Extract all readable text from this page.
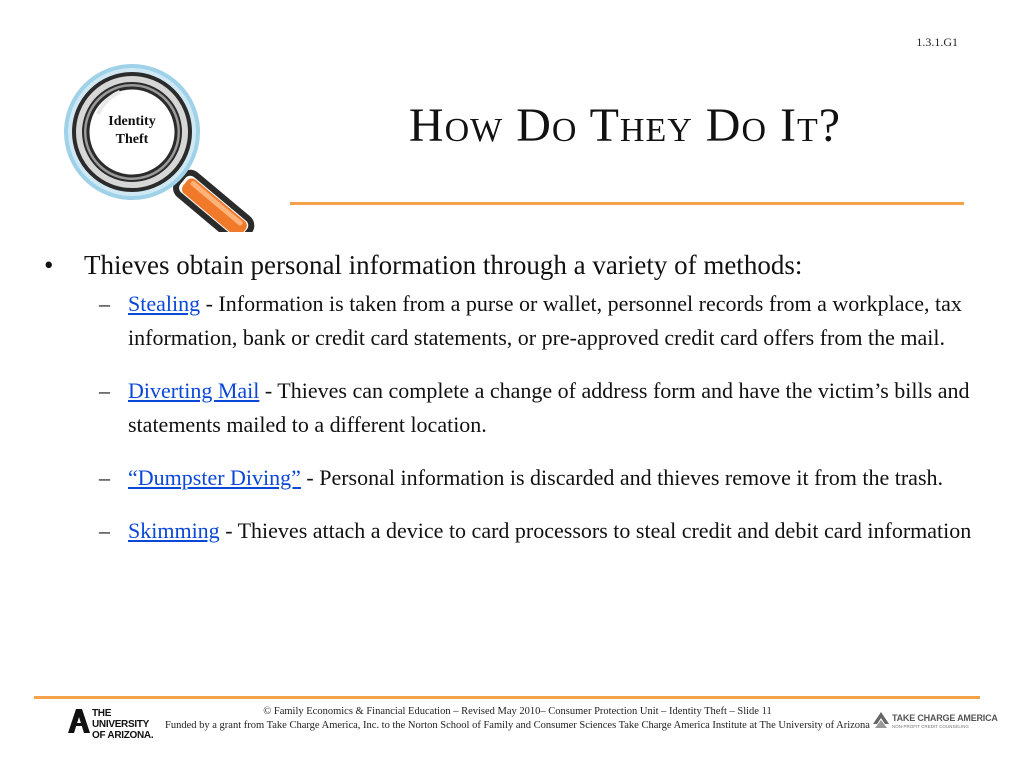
1.3.1.G1
Identity
Theft	How Do They Do It?

• Thieves obtain personal information through a variety of methods:

– Stealing - Information is taken from a purse or wallet, personnel records from a workplace, tax information, bank or credit card statements, or pre-approved credit card offers from the mail.
– Diverting Mail - Thieves can complete a change of address form and have the victim’s bills and statements mailed to a different location.
– “Dumpster Diving” - Personal information is discarded and thieves remove it from the trash.
– Skimming - Thieves attach a device to card processors to steal credit and debit card information
THE UNIVERSITY
OF ARIZONA.
© Family Economics & Financial Education – Revised May 2010– Consumer Protection Unit – Identity Theft – Slide 11
Funded by a grant from Take Charge America, Inc. to the Norton School of Family and Consumer Sciences Take Charge America Institute at The University of Arizona
TAKE CHARGE AMERICA
NON-PROFIT CREDIT COUNSELING
